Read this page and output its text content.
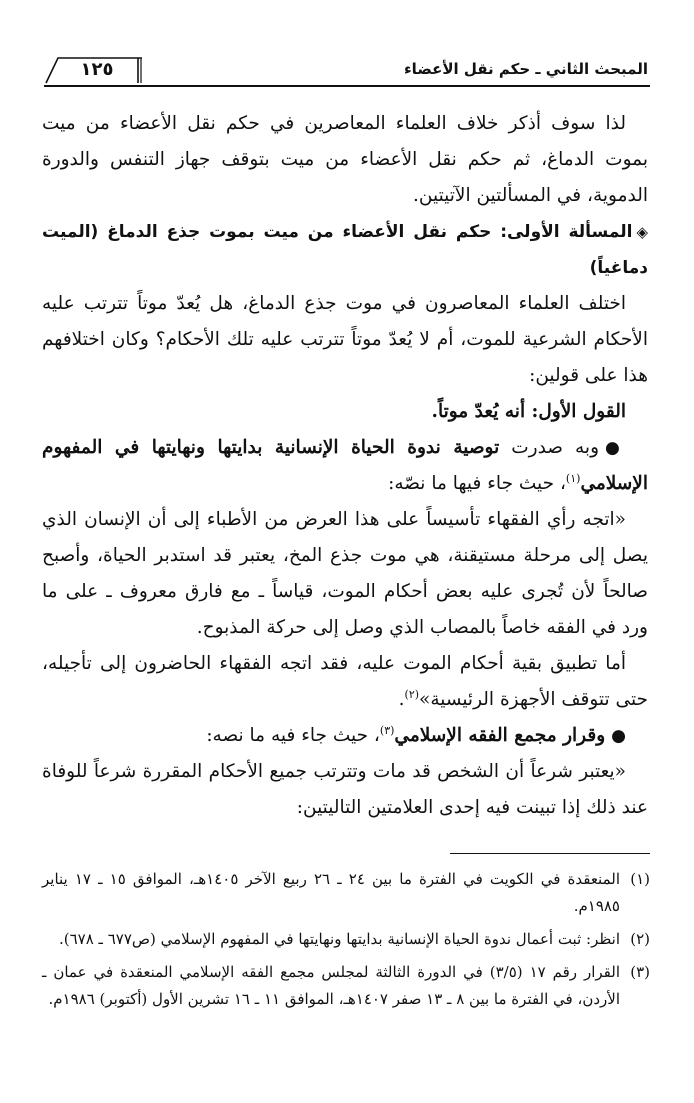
المبحث الثاني ـ حكم نقل الأعضاء
١٢٥

لذا سوف أذكر خلاف العلماء المعاصرين في حكم نقل الأعضاء من ميت بموت الدماغ، ثم حكم نقل الأعضاء من ميت بتوقف جهاز التنفس والدورة الدموية، في المسألتين الآتيتين.

◈المسألة الأولى: حكم نقل الأعضاء من ميت بموت جذع الدماغ (الميت دماغياً)

اختلف العلماء المعاصرون في موت جذع الدماغ، هل يُعدّ موتاً تترتب عليه الأحكام الشرعية للموت، أم لا يُعدّ موتاً تترتب عليه تلك الأحكام؟ وكان اختلافهم هذا على قولين:

القول الأول: أنه يُعدّ موتاً.

●وبه صدرت توصية ندوة الحياة الإنسانية بدايتها ونهايتها في المفهوم الإسلامي$^{(١)}$، حيث جاء فيها ما نصّه:

«اتجه رأي الفقهاء تأسيساً على هذا العرض من الأطباء إلى أن الإنسان الذي يصل إلى مرحلة مستيقنة، هي موت جذع المخ، يعتبر قد استدبر الحياة، وأصبح صالحاً لأن تُجرى عليه بعض أحكام الموت، قياساً ـ مع فارق معروف ـ على ما ورد في الفقه خاصاً بالمصاب الذي وصل إلى حركة المذبوح.

أما تطبيق بقية أحكام الموت عليه، فقد اتجه الفقهاء الحاضرون إلى تأجيله، حتى تتوقف الأجهزة الرئيسية»$^{(٢)}$.

●وقرار مجمع الفقه الإسلامي$^{(٣)}$، حيث جاء فيه ما نصه:

«يعتبر شرعاً أن الشخص قد مات وتترتب جميع الأحكام المقررة شرعاً للوفاة عند ذلك إذا تبينت فيه إحدى العلامتين التاليتين:

(١)
المنعقدة في الكويت في الفترة ما بين ٢٤ ـ ٢٦ ربيع الآخر ١٤٠٥هـ، الموافق ١٥ ـ ١٧ يناير ١٩٨٥م.
(٢)
انظر: ثبت أعمال ندوة الحياة الإنسانية بدايتها ونهايتها في المفهوم الإسلامي (ص٦٧٧ ـ ٦٧٨).
(٣)
القرار رقم ١٧ (٣/٥) في الدورة الثالثة لمجلس مجمع الفقه الإسلامي المنعقدة في عمان ـ الأردن، في الفترة ما بين ٨ ـ ١٣ صفر ١٤٠٧هـ، الموافق ١١ ـ ١٦ تشرين الأول (أكتوبر) ١٩٨٦م.
